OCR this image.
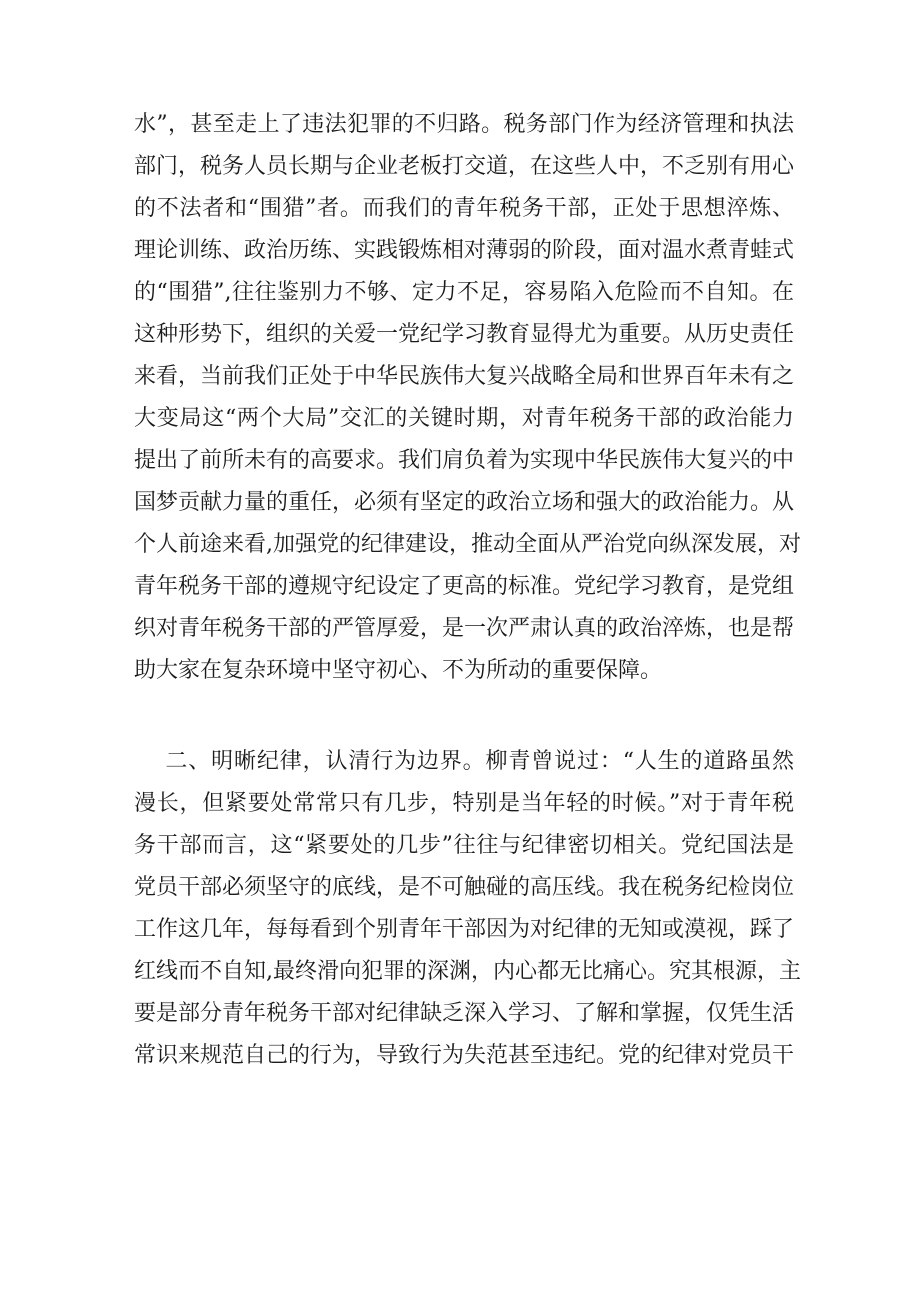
水”，甚至走上了违法犯罪的不归路。税务部门作为经济管理和执法
部门，税务人员长期与企业老板打交道，在这些人中，不乏别有用心
的不法者和“围猎”者。而我们的青年税务干部，正处于思想淬炼、
理论训练、政治历练、实践锻炼相对薄弱的阶段，面对温水煮青蛙式
的“围猎”,往往鉴别力不够、定力不足，容易陷入危险而不自知。在
这种形势下，组织的关爱一党纪学习教育显得尤为重要。从历史责任
来看，当前我们正处于中华民族伟大复兴战略全局和世界百年未有之
大变局这“两个大局”交汇的关键时期，对青年税务干部的政治能力
提出了前所未有的高要求。我们肩负着为实现中华民族伟大复兴的中
国梦贡献力量的重任，必须有坚定的政治立场和强大的政治能力。从
个人前途来看,加强党的纪律建设，推动全面从严治党向纵深发展，对
青年税务干部的遵规守纪设定了更高的标准。党纪学习教育，是党组
织对青年税务干部的严管厚爱，是一次严肃认真的政治淬炼，也是帮
助大家在复杂环境中坚守初心、不为所动的重要保障。
二、明晰纪律，认清行为边界。柳青曾说过：“人生的道路虽然
漫长，但紧要处常常只有几步，特别是当年轻的时候。”对于青年税
务干部而言，这“紧要处的几步”往往与纪律密切相关。党纪国法是
党员干部必须坚守的底线，是不可触碰的高压线。我在税务纪检岗位
工作这几年，每每看到个别青年干部因为对纪律的无知或漠视，踩了
红线而不自知,最终滑向犯罪的深渊，内心都无比痛心。究其根源，主
要是部分青年税务干部对纪律缺乏深入学习、了解和掌握，仅凭生活
常识来规范自己的行为，导致行为失范甚至违纪。党的纪律对党员干
